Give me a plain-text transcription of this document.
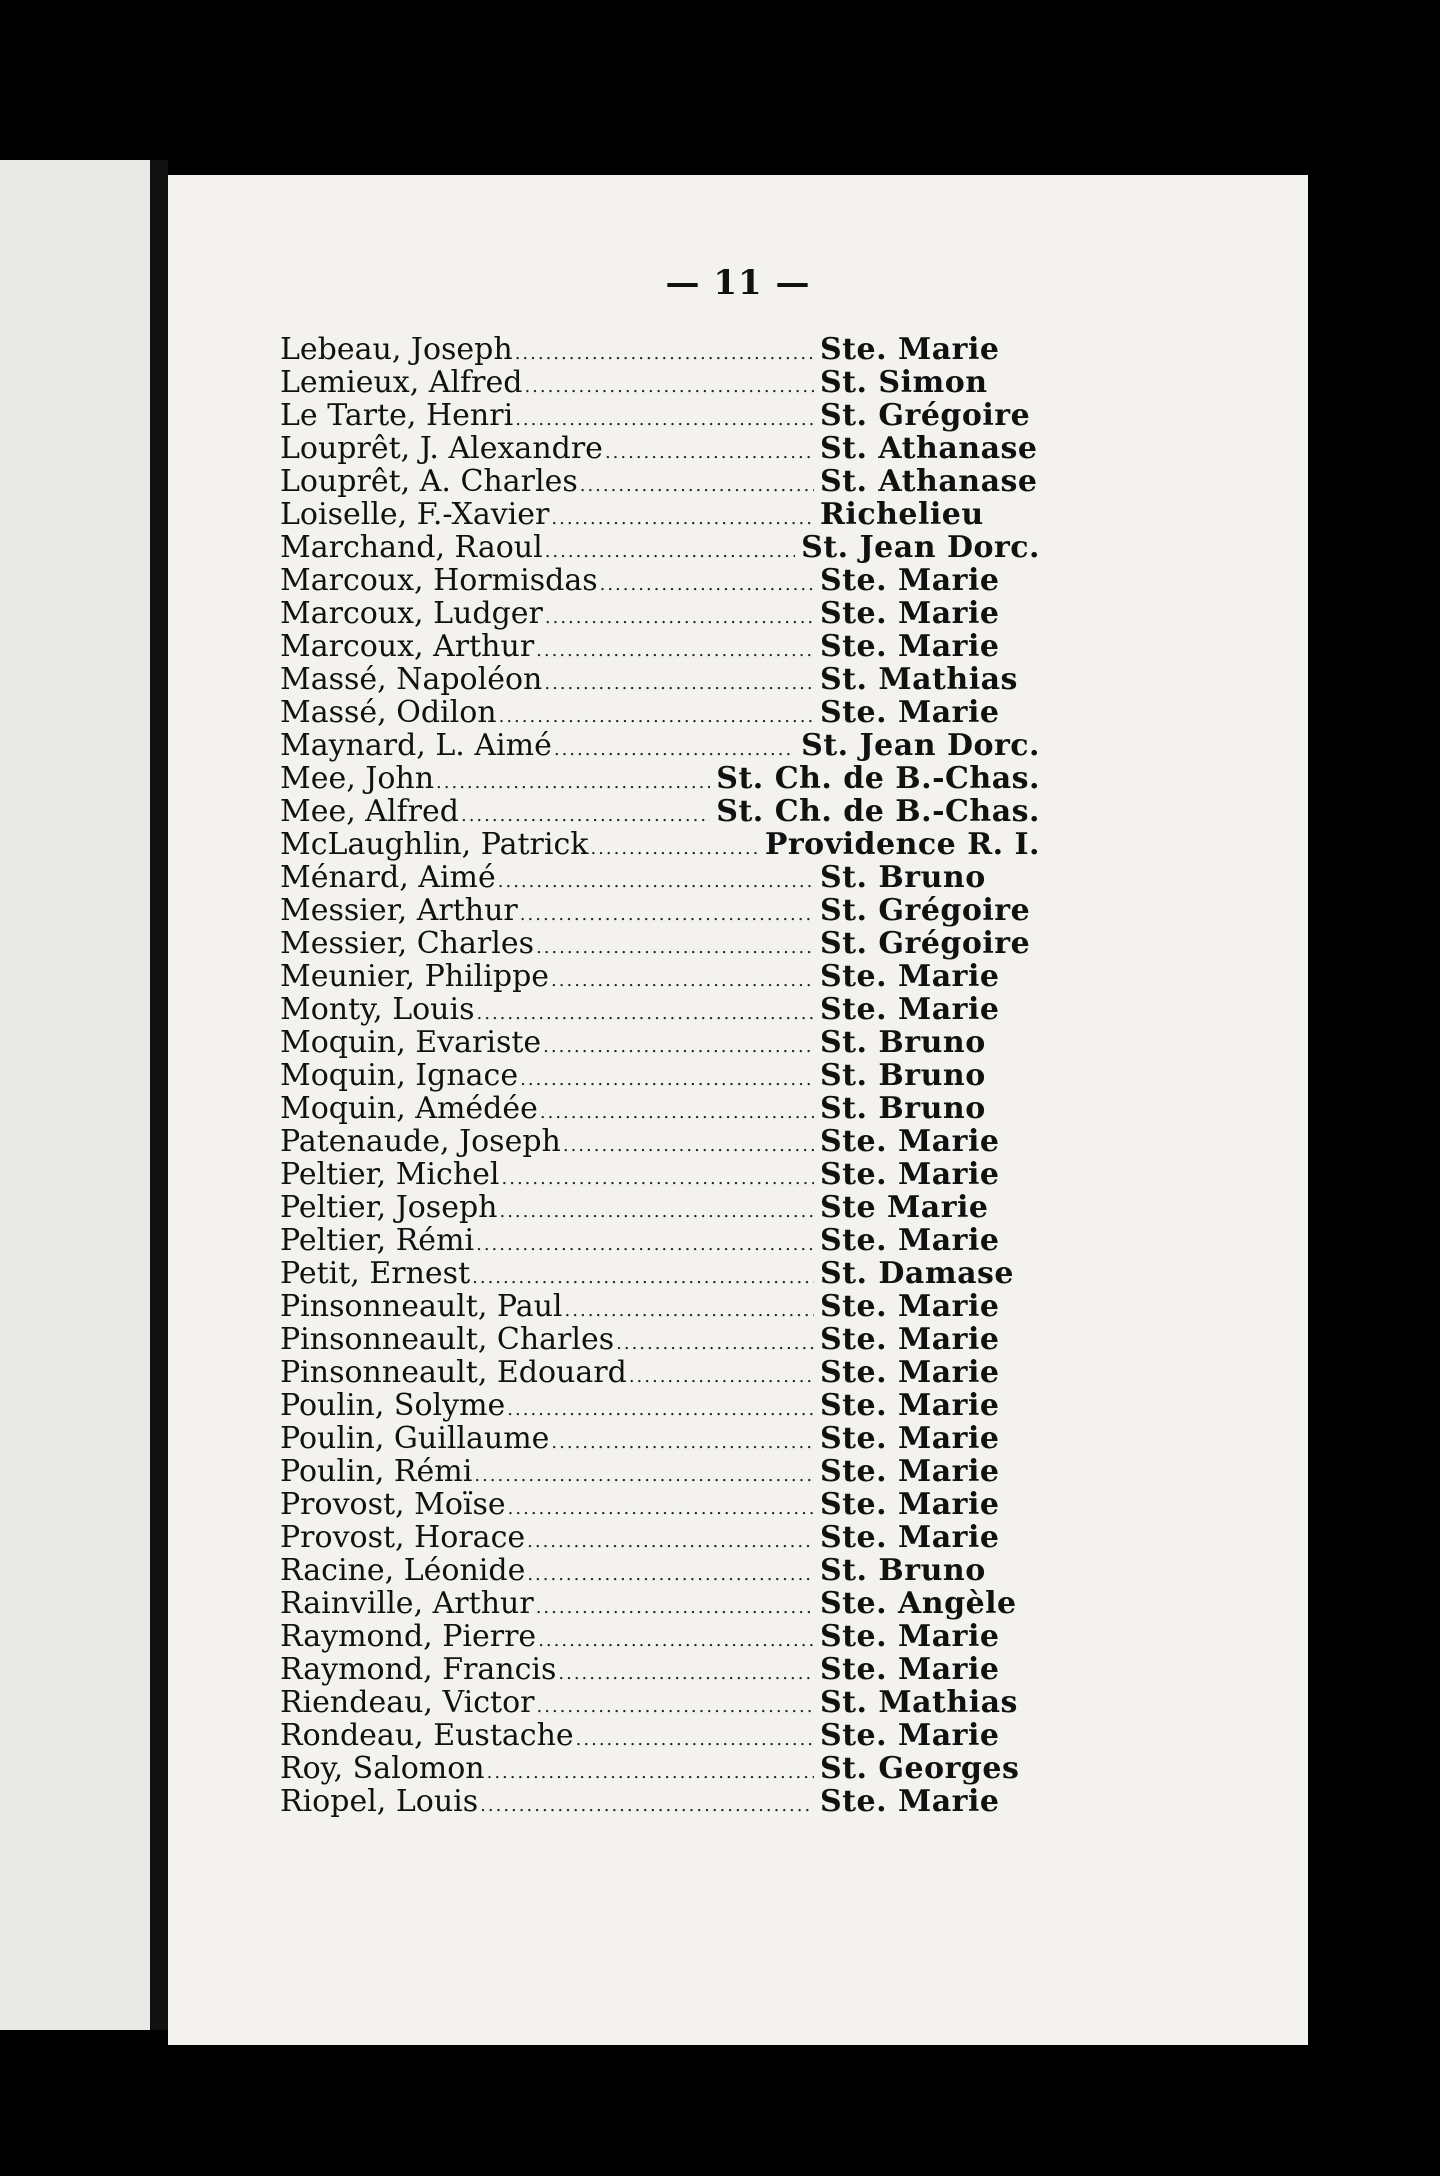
— 11 —
Lebeau, Joseph .....	Ste. Marie
Lemieux, Alfred .....	St. Simon
Le Tarte, Henri .....	St. Grégoire
Louprêt, J. Alexandre .....	St. Athanase
Louprêt, A. Charles .....	St. Athanase
Loiselle, F.-Xavier .....	Richelieu
Marchand, Raoul .....	St. Jean Dorc.
Marcoux, Hormisdas .....	Ste. Marie
Marcoux, Ludger .....	Ste. Marie
Marcoux, Arthur .....	Ste. Marie
Massé, Napoléon .....	St. Mathias
Massé, Odilon .....	Ste. Marie
Maynard, L. Aimé .....	St. Jean Dorc.
Mee, John .....	St. Ch. de B.-Chas.
Mee, Alfred .....	St. Ch. de B.-Chas.
McLaughlin, Patrick .....	Providence R. I.
Ménard, Aimé .....	St. Bruno
Messier, Arthur .....	St. Grégoire
Messier, Charles .....	St. Grégoire
Meunier, Philippe .....	Ste. Marie
Monty, Louis .....	Ste. Marie
Moquin, Evariste .....	St. Bruno
Moquin, Ignace .....	St. Bruno
Moquin, Amédée .....	St. Bruno
Patenaude, Joseph .....	Ste. Marie
Peltier, Michel .....	Ste. Marie
Peltier, Joseph .....	Ste Marie
Peltier, Rémi .....	Ste. Marie
Petit, Ernest .....	St. Damase
Pinsonneault, Paul .....	Ste. Marie
Pinsonneault, Charles .....	Ste. Marie
Pinsonneault, Edouard .....	Ste. Marie
Poulin, Solyme .....	Ste. Marie
Poulin, Guillaume .....	Ste. Marie
Poulin, Rémi .....	Ste. Marie
Provost, Moïse .....	Ste. Marie
Provost, Horace .....	Ste. Marie
Racine, Léonide .....	St. Bruno
Rainville, Arthur .....	Ste. Angèle
Raymond, Pierre .....	Ste. Marie
Raymond, Francis .....	Ste. Marie
Riendeau, Victor .....	St. Mathias
Rondeau, Eustache .....	Ste. Marie
Roy, Salomon .....	St. Georges
Riopel, Louis .....	Ste. Marie
